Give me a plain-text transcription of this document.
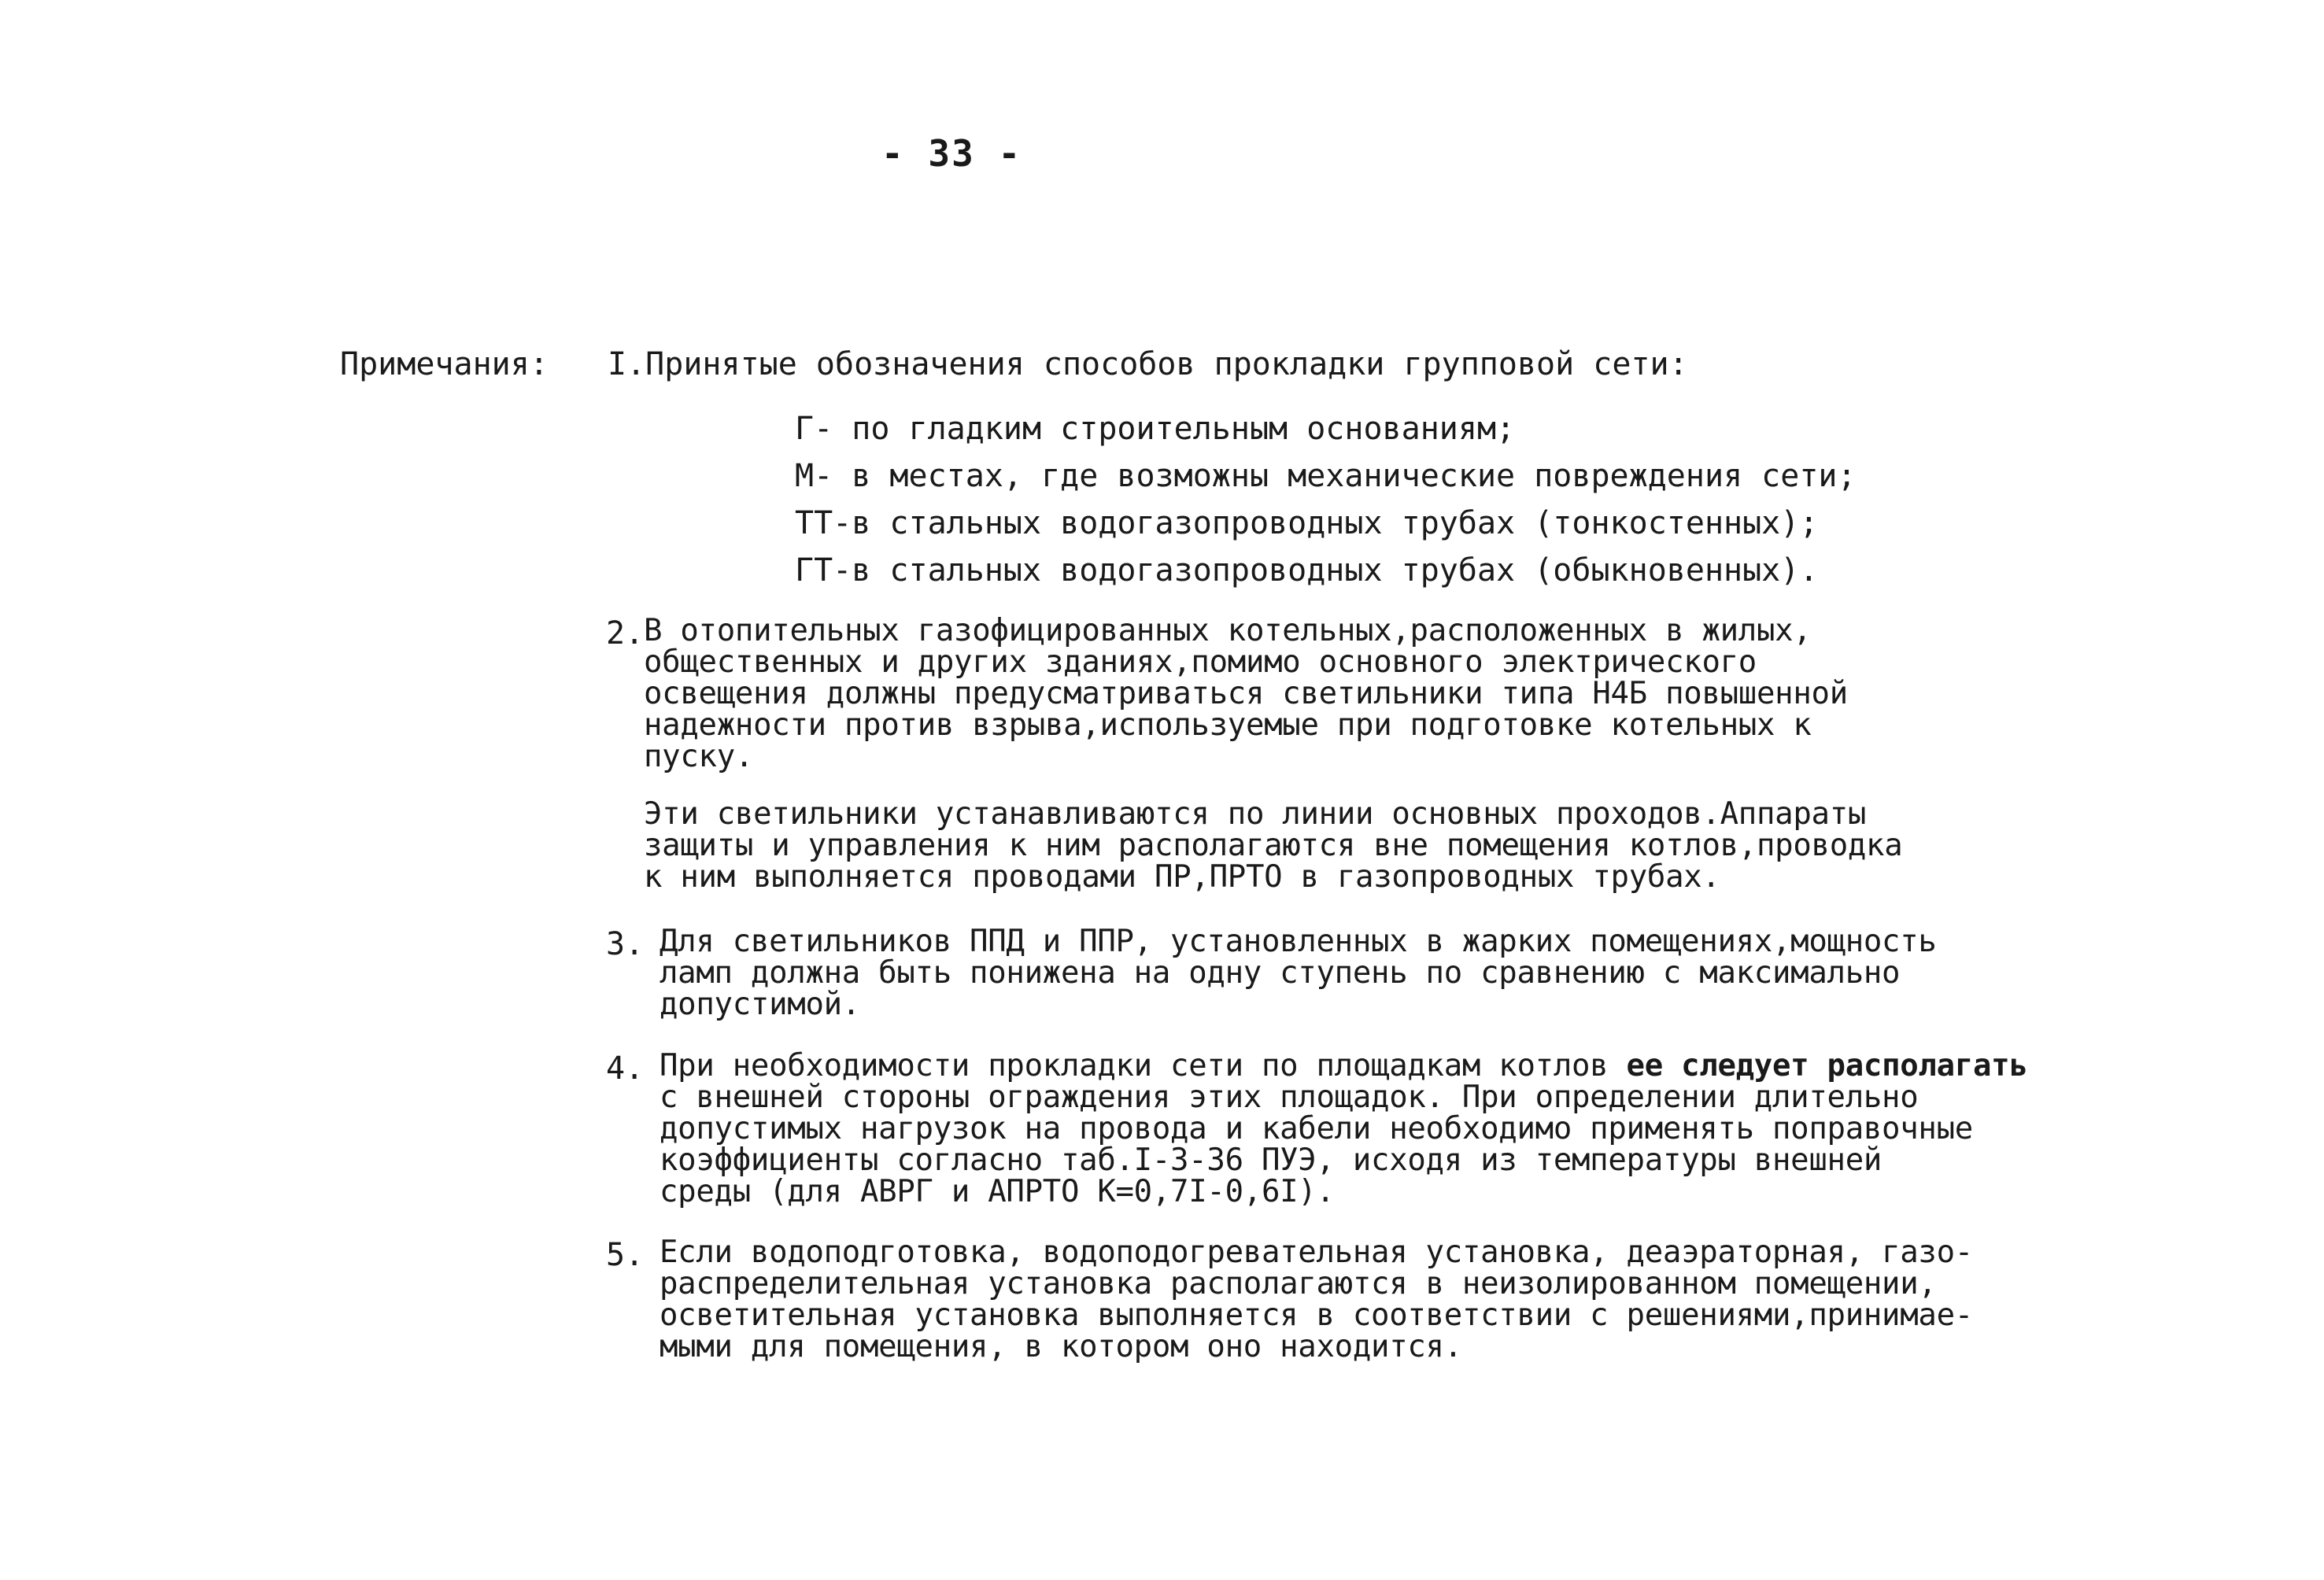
- 33 -
Примечания: I.Принятые обозначения способов прокладки групповой сети:
Г- по гладким строительным основаниям;
М- в местах, где возможны механические повреждения сети;
ТТ-в стальных водогазопроводных трубах (тонкостенных);
ГТ-в стальных водогазопроводных трубах (обыкновенных).
2. В отопительных газофицированных котельных,расположенных в жилых,
общественных и других зданиях,помимо основного электрического
освещения должны предусматриваться светильники типа Н4Б повышенной
надежности против взрыва,используемые при подготовке котельных к
пуску.
Эти светильники устанавливаются по линии основных проходов.Аппараты
защиты и управления к ним располагаются вне помещения котлов,проводка
к ним выполняется проводами ПР,ПРТО в газопроводных трубах.
3. Для светильников ППД и ППР, установленных в жарких помещениях,мощность
ламп должна быть понижена на одну ступень по сравнению с максимально
допустимой.
4. При необходимости прокладки сети по площадкам котлов ее следует располагать
с внешней стороны ограждения этих площадок. При определении длительно
допустимых нагрузок на провода и кабели необходимо применять поправочные
коэффициенты согласно таб.I-3-36 ПУЭ, исходя из температуры внешней
среды (для АВРГ и АПРТО К=0,7I-0,6I).
5. Если водоподготовка, водоподогревательная установка, деаэраторная, газо-
распределительная установка располагаются в неизолированном помещении,
осветительная установка выполняется в соответствии с решениями,принимае-
мыми для помещения, в котором оно находится.
